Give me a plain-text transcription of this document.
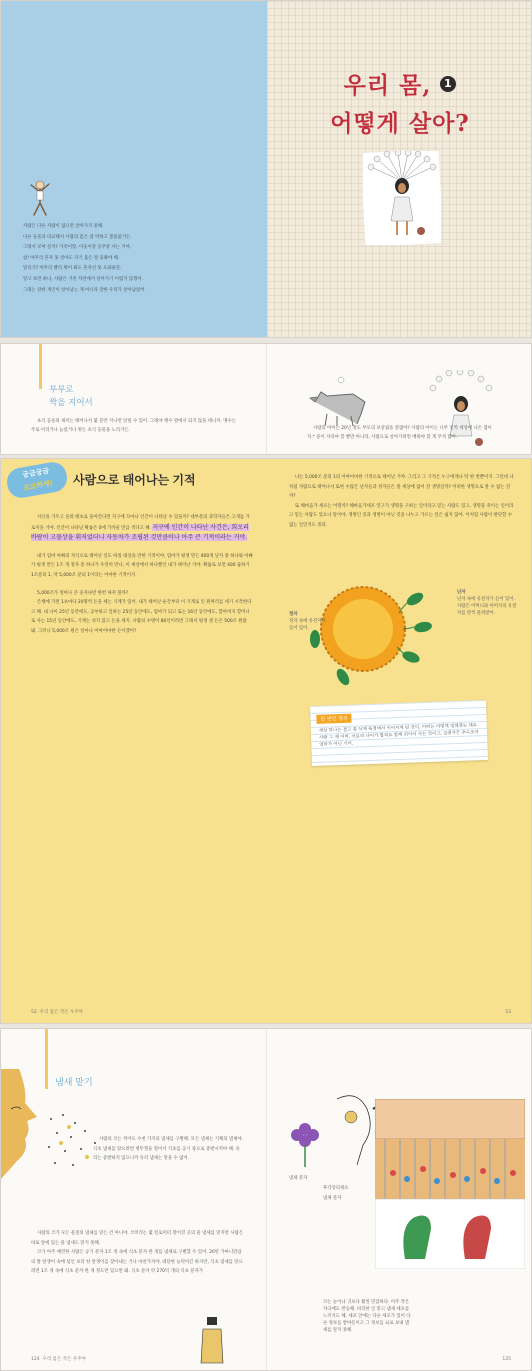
사람은 다른 사람이 없으면 살아가지 못해.

다른 동물과 비교해서 사람의 몸은 참 약하고 볼품없거든.

그래서 모여 살지? 가족이랑, 이웃이랑 동무랑 사는 거야.

참! 아무리 혼자 못 살아도 자기 몸은 잘 돌봐야 해.

달리기? 아무리 빨리 뛰어 봐도 혼자선 못 도와줄걸.

알고 보면 하나, 사람은 거친 자연에서 살아가기 어렵지 않겠어.

그래는 강한 개인이 살아남는 게 아니라 강한 우리가 살아남았어.

우리 몸, 1
어떻게 살아?
부부로
짝을 지어서

초식 동물의 새끼는 태어나서 몇 분만 지나면 달릴 수 있어. 그래야 맹수 옆에서 되지 않을 테니까. 맹수는 주로 어리거나 늙었거나 병든 초식 동물을 노리거든.	사람의 아이는 20년 정도 부모의 보살핌을 받잖아? 사람의 아이는 너무 일찍 세상에 나온 셈이지.* 뭉이 자라야 할 뿐만 아니라, 사람으로 살아가려면 배워야 할 게 무척 많아.

궁금궁금
꼬꼬하게!	사람으로 태어나는 기적

서산을 거두고 돌려 태초로 돌아간다면 지구에 꼬마나 인간이 나타날 수 있을까? 대부분의 과학자들은 고개를 가로저을 거야. 인간이 나타날 확률은 0에 가까울 만큼 적다고 해. 지구에 인간이 나타난 사건은, 회오리바람이 고물상을 휘저었더니 자동차가 조립된 것만큼이나 아주 큰 기적이라는 거야.

내가 엄마 아빠의 자식으로 태어난 일도 따질 대상을 만한 기적이야. 엄마가 평생 만든 400개 난자 중 하나와 아빠가 평생 만든 1조 개 정자 중 하나가 우연히 만나, 이 세상에서 하나뿐인 내가 태어난 거야. 확률로 보면 400 곱하기 1조분의 1, 약 5,000조 분의 1이라는 어마한 기적이지.

5,000조가 얼마나 큰 숫자냐면 한번 따져 볼까?

은행에 가면 1초마다 20명씩 돈을 세는 기계가 있어. 내가 태어난 순간부터 이 기계로 인 원짜리를 세기 시작한다고 해. 내 나이 25년 동안에도, 공부하고 일하는 25년 동안에도, 엄마가 되고 또는 16년 동안에도, 할아버지 할머니로 사는 15년 동안에도, 기계는 쉬지 않고 돈을 세지. 사람의 수명이 80년이라면 그래서 평생 센 돈은 500조 원쯤 돼. 그러니 5,000조 원은 얼마나 어마어마한 돈이겠어?

52 우리 몸은 작은 우주야

나는 5,000조 분의 1의 어마어마한 기적으로 태어난 거야. 그리고 그 기적은 누구에게나 딱 한 번뿐이지. 그런데 나처럼 사람으로 태어나서 또한 수많은 난자들과 정자들은 볼 세상에 없어 갈 생명일까? 어떠한 생명으로 볼 수 없는 걸까?

또 해마음가 세포는 어떨까? 해마음가세포 연구가 생명을 구하는 일이라고 믿는 사람도 있고, 생명을 죽이는 일이라고 믿는 사람도 있으니 말이야. 생명인 것과 생명이 아닌 것을 나누고 가르는 일은 쉽지 않아. 이처럼 사람이 판단할 수 없는 일인지도 몰라.

난자
난자 속에 유전자가 들어 있어. 사람은 어머니와 아버지의 유전자를 반씩 물려받아.
정자
정자 속에 유전자가 들어 있어.
한 번만 정리
세상 하나는 결고 총 삭제 특정에서 이어지게 된 것이, 어떠는 어떻게 정해졌는 대요. 사람 그 제 이며, 서로의 나이가 합쳐요 함께 되어서 사는 것이고, 급취가든 추수조차 엄마가 아닌 기어.
53
냄새 맡기

사람의 코는 적어도 수천 가지의 냄새를 구별해. 모든 냄새는 기체의 냄새야. 식초 냄새를 맡으려면 병뚜껑을 열어서 식초를 공기 중으로 증발시켜야 해. 유리는 증발하지 않으니까 유리 냄새는 맡을 수 없어.

사람의 코가 모든 물질의 냄새를 맡는 건 아니야. 코끼리는 몇 킬로미터 떨어진 곳의 물 냄새를 맡지만 사람은 바로 앞에 있는 물 냄새도 맡지 못해.

코가 아주 예민한 사람은 공기 분자 1조 개 속에 식초 분자 한 개를 냄새로 구별할 수 있어. 20만 가마니만큼의 쌀 알갱이 속에 섞인 보리 한 알갱이를 찾아내는 거나 마찬가지야. 대단한 능력이긴 하지만, 식초 냄새를 맡으려면 1조 개 속에 식초 분자 한 개 정도만 있으면 돼. 식초 분자 약 270억 개의 식초 분자가

124 우리 몸은 작은 우주야
냄새 분자
후각상피세포
냄새 분자
코는 눈이나 귀보다 훨씬 민감하다. 이주 작은 자극에도 반응해. 비리한 일 맡고 냄새 세포를 느끼지도 해. 세포 안에는 다른 세포가 있어 다른 정보를 받아들이고 그 정보를 뇌로 보내 냄새를 알지 못해.
125
